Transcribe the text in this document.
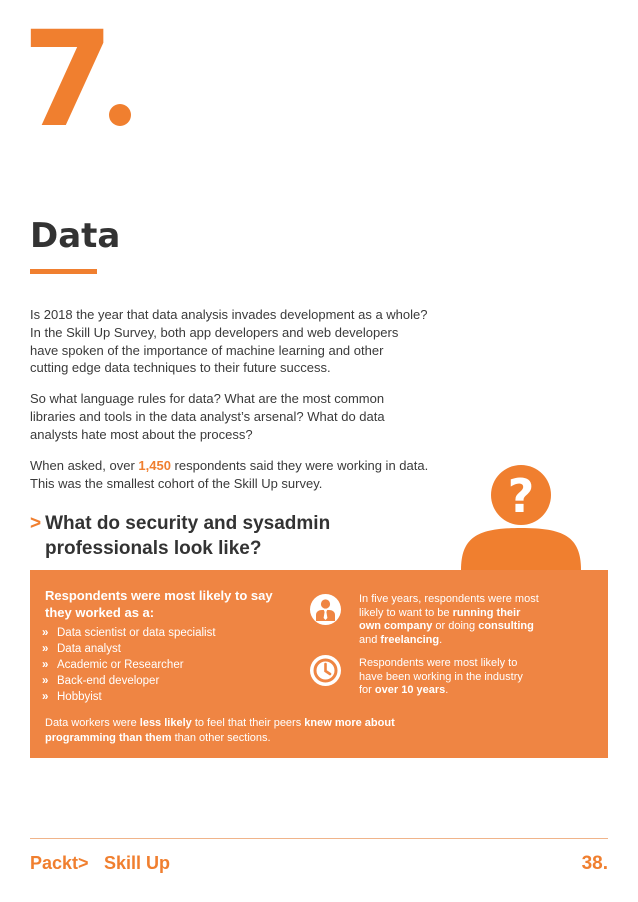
7
Data
Is 2018 the year that data analysis invades development as a whole?
In the Skill Up Survey, both app developers and web developers
have spoken of the importance of machine learning and other
cutting edge data techniques to their future success.
So what language rules for data? What are the most common
libraries and tools in the data analyst’s arsenal? What do data
analysts hate most about the process?
When asked, over 1,450 respondents said they were working in data.
This was the smallest cohort of the Skill Up survey.	?
> What do security and sysadmin
professionals look like?
Respondents were most likely to say
they worked as a:
» Data scientist or data specialist
» Data analyst
» Academic or Researcher
» Back-end developer
» Hobbyist
In five years, respondents were most
likely to want to be running their
own company or doing consulting
and freelancing.
Respondents were most likely to
have been working in the industry
for over 10 years.
Data workers were less likely to feel that their peers knew more about
programming than them than other sections.
Packt> Skill Up	38.
